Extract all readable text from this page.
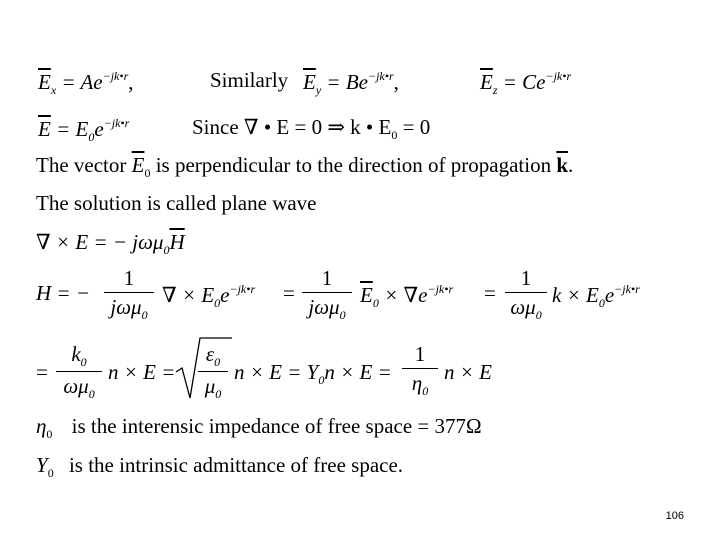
$\overline{E}_x = Ae^{-jk•r}$,	Similarly $\overline{E}_y = Be^{-jk•r}$,	$\overline{E}_z = Ce^{-jk•r}$
$\overline{E} = E_0e^{-jk•r}$	Since ∇ • E = 0 ⇒ k • $E_0 = 0$
The vector $\overline{E}_0$ is perpendicular to the direction of propagation $\overline{k}$.
The solution is called plane wave
∇ × E = − $j\omega\mu_0\overline{H}$
H = −
1
jωμ$_0$
∇ × $E_0e^{-jk•r}$ =
1
jωμ$_0$
$\overline{E}_0 \times \nabla e^{-jk•r} = \frac{1}{\omega\mu_0}$ $k \times E_0e^{-jk•r}$
= $\frac{k_0}{\omega\mu_0}$ $n \times E = \frac{\varepsilon_0}{\mu_0}$ $n \times E = Y_0n \times E = \frac{1}{\eta_0}$ n × E
$\eta_0$ is the interensic impedance of free space = 377Ω
$Y_0$ is the intrinsic admittance of free space.
106
